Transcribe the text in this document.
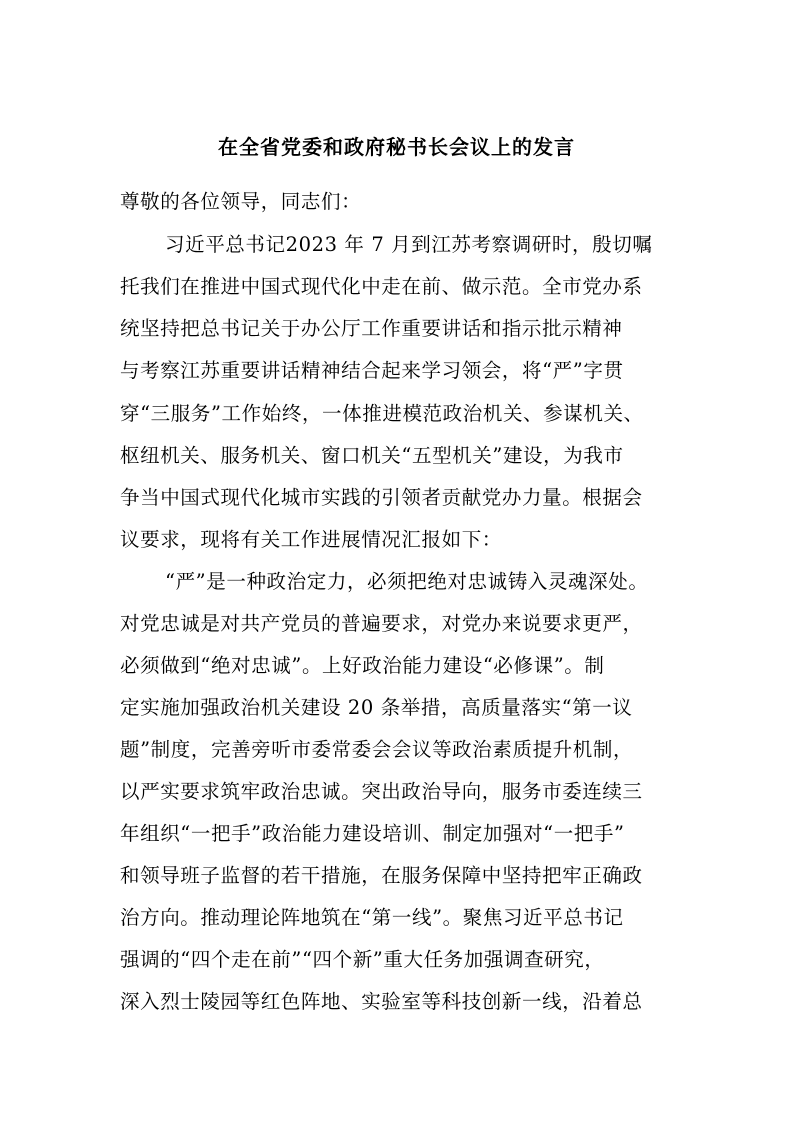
在全省党委和政府秘书长会议上的发言
尊敬的各位领导，同志们：
习近平总书记2023 年 7 月到江苏考察调研时，殷切嘱
托我们在推进中国式现代化中走在前、做示范。全市党办系
统坚持把总书记关于办公厅工作重要讲话和指示批示精神
与考察江苏重要讲话精神结合起来学习领会，将“严”字贯
穿“三服务”工作始终，一体推进模范政治机关、参谋机关、
枢纽机关、服务机关、窗口机关“五型机关”建设，为我市
争当中国式现代化城市实践的引领者贡献党办力量。根据会
议要求，现将有关工作进展情况汇报如下：
“严”是一种政治定力，必须把绝对忠诚铸入灵魂深处。
对党忠诚是对共产党员的普遍要求，对党办来说要求更严，
必须做到“绝对忠诚”。上好政治能力建设“必修课”。制
定实施加强政治机关建设 20 条举措，高质量落实“第一议
题”制度，完善旁听市委常委会会议等政治素质提升机制，
以严实要求筑牢政治忠诚。突出政治导向，服务市委连续三
年组织“一把手”政治能力建设培训、制定加强对“一把手”
和领导班子监督的若干措施，在服务保障中坚持把牢正确政
治方向。推动理论阵地筑在“第一线”。聚焦习近平总书记
强调的“四个走在前”“四个新”重大任务加强调查研究，
深入烈士陵园等红色阵地、实验室等科技创新一线，沿着总
